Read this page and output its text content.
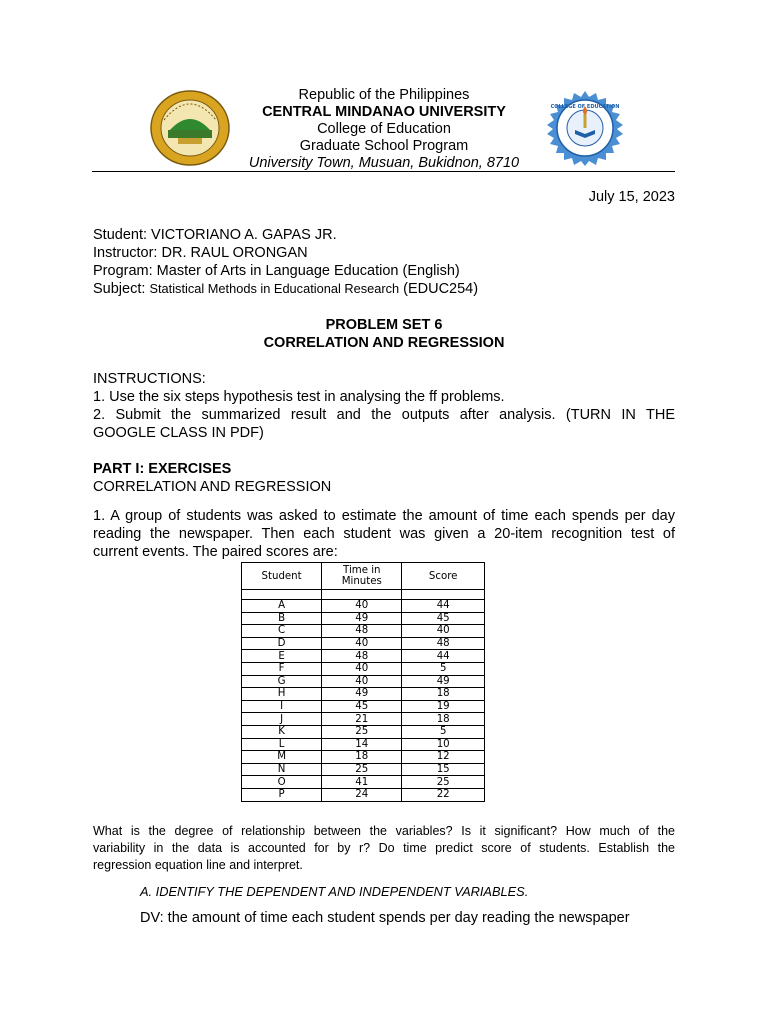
COLLEGE OF EDUCATION
Republic of the Philippines
CENTRAL MINDANAO UNIVERSITY
College of Education
Graduate School Program
University Town, Musuan, Bukidnon, 8710
July 15, 2023
Student: VICTORIANO A. GAPAS JR.
Instructor: DR. RAUL ORONGAN
Program: Master of Arts in Language Education (English)
Subject: Statistical Methods in Educational Research (EDUC254)
PROBLEM SET 6
CORRELATION AND REGRESSION
INSTRUCTIONS:
1. Use the six steps hypothesis test in analysing the ff problems.
2. Submit the summarized result and the outputs after analysis. (TURN IN THE
GOOGLE CLASS IN PDF)
PART I: EXERCISES
CORRELATION AND REGRESSION
1. A group of students was asked to estimate the amount of time each spends per day
reading the newspaper. Then each student was given a 20-item recognition test of
current events. The paired scores are:
Student	Time in Minutes	Score

A	40	44
B	49	45
C	48	40
D	40	48
E	48	44
F	40	5
G	40	49
H	49	18
I	45	19
J	21	18
K	25	5
L	14	10
M	18	12
N	25	15
O	41	25
P	24	22
What is the degree of relationship between the variables? Is it significant? How much of the
variability in the data is accounted for by r? Do time predict score of students. Establish the
regression equation line and interpret.
A. IDENTIFY THE DEPENDENT AND INDEPENDENT VARIABLES.
DV: the amount of time each student spends per day reading the newspaper
